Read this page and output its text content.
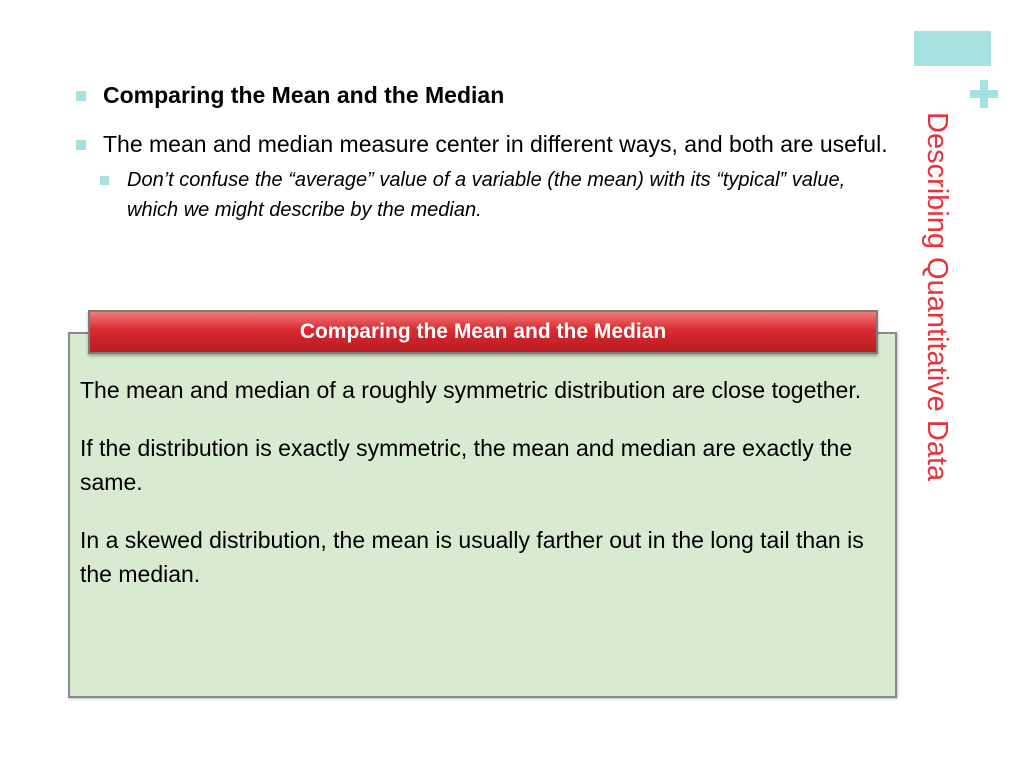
Describing Quantitative Data
Comparing the Mean and the Median
The mean and median measure center in different ways, and both are useful.
Don’t confuse the “average” value of a variable (the mean) with its “typical” value, which we might describe by the median.
Comparing the Mean and the Median

The mean and median of a roughly symmetric distribution are close together.

If the distribution is exactly symmetric, the mean and median are exactly the same.

In a skewed distribution, the mean is usually farther out in the long tail than is the median.
